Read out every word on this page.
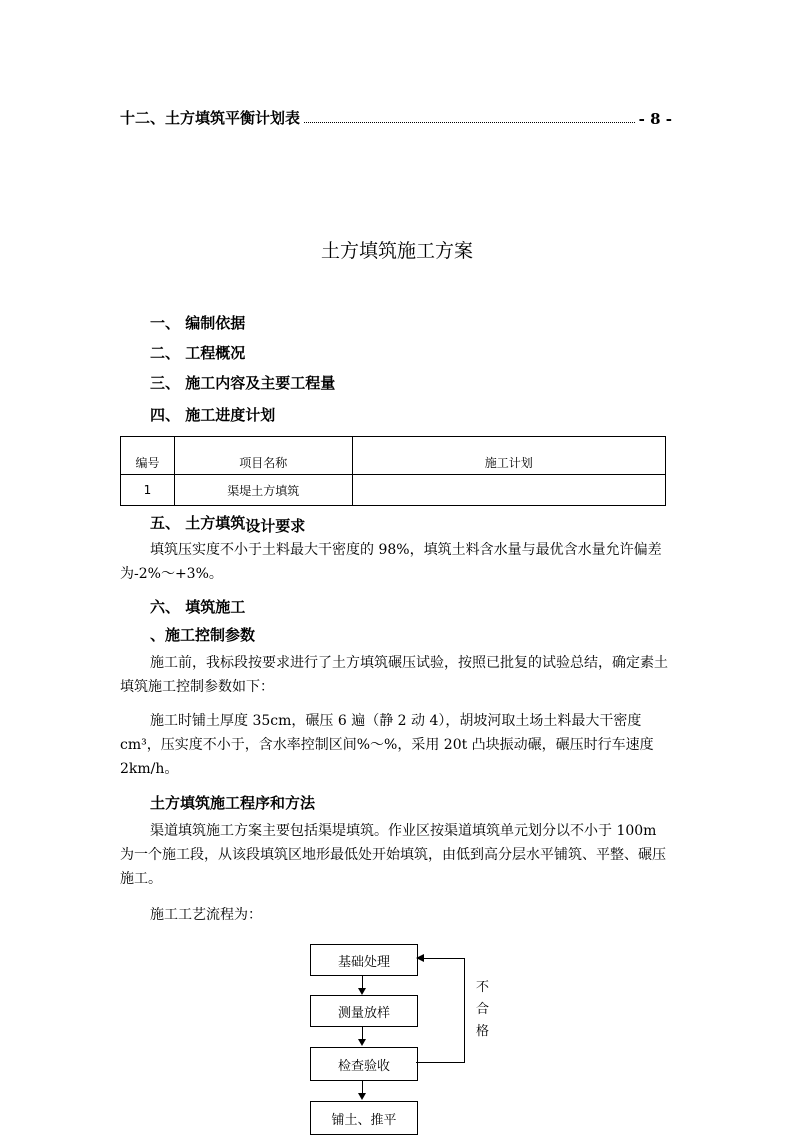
十二、土方填筑平衡计划表	- 8 -
土方填筑施工方案
一、 编制依据
二、 工程概况
三、 施工内容及主要工程量
四、 施工进度计划
编号	项目名称	施工计划
1	渠堤土方填筑	
五、 土方填筑设计要求
填筑压实度不小于土料最大干密度的 98%，填筑土料含水量与最优含水量允许偏差为-2%～+3%。
六、 填筑施工
、施工控制参数
施工前，我标段按要求进行了土方填筑碾压试验，按照已批复的试验总结，确定素土填筑施工控制参数如下：
施工时铺土厚度 35cm，碾压 6 遍（静 2 动 4），胡坡河取土场土料最大干密度 cm³，压实度不小于，含水率控制区间%～%，采用 20t 凸块振动碾，碾压时行车速度 2km/h。
土方填筑施工程序和方法
渠道填筑施工方案主要包括渠堤填筑。作业区按渠道填筑单元划分以不小于 100m 为一个施工段，从该段填筑区地形最低处开始填筑，由低到高分层水平铺筑、平整、碾压施工。
施工工艺流程为：
基础处理
测量放样
检查验收
铺土、推平
不合格
